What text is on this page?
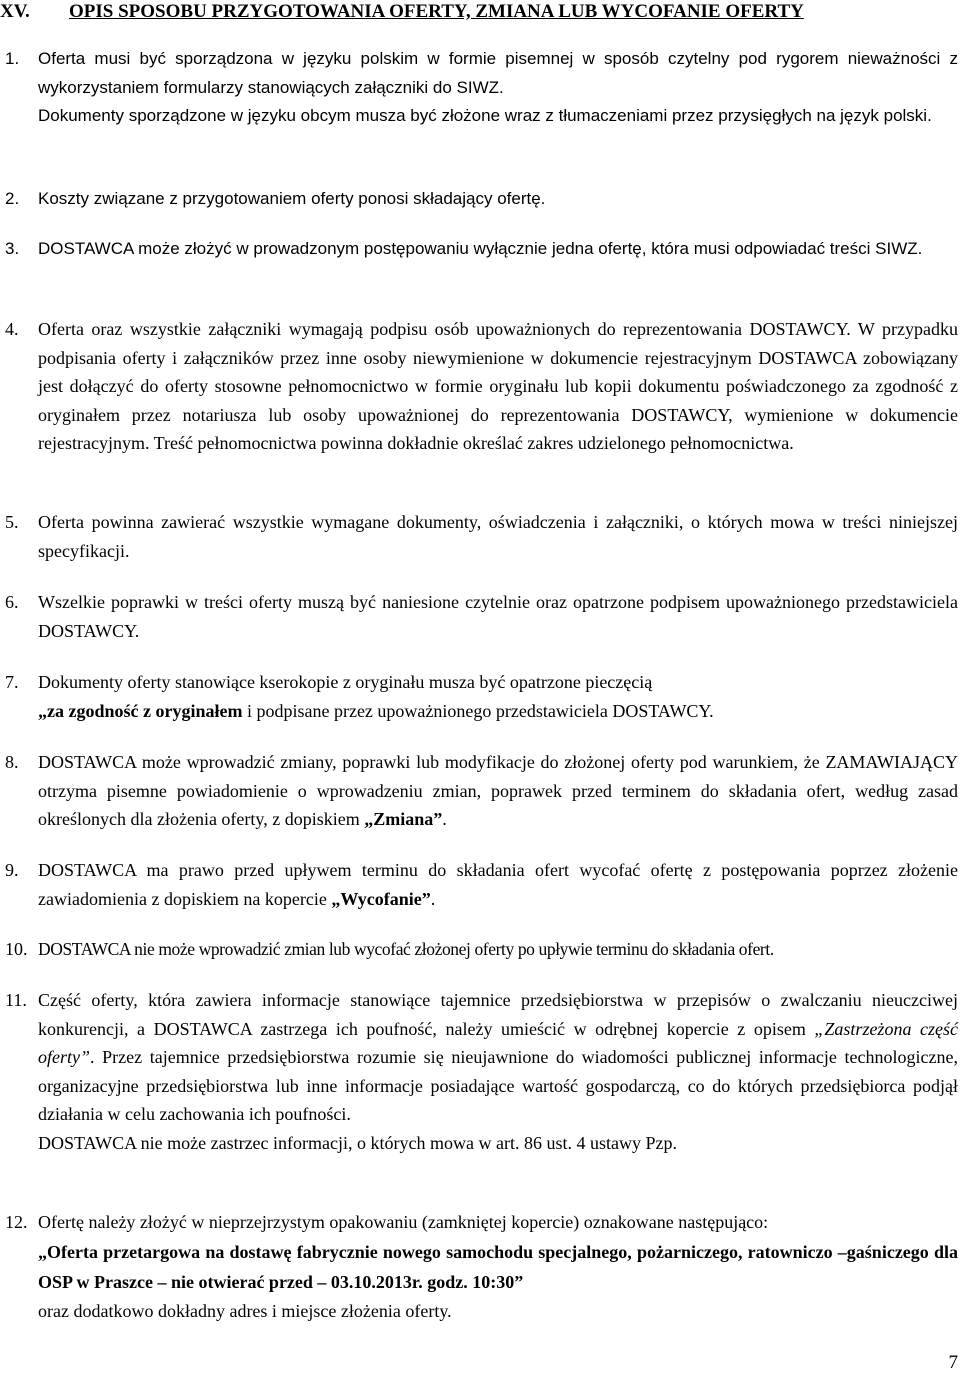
XV. OPIS SPOSOBU PRZYGOTOWANIA OFERTY, ZMIANA LUB WYCOFANIE OFERTY
1. Oferta musi być sporządzona w języku polskim w formie pisemnej w sposób czytelny pod rygorem nieważności z wykorzystaniem formularzy stanowiących załączniki do SIWZ.

Dokumenty sporządzone w języku obcym musza być złożone wraz z tłumaczeniami przez przysięgłych na język polski.

2. Koszty związane z przygotowaniem oferty ponosi składający ofertę.

3. DOSTAWCA może złożyć w prowadzonym postępowaniu wyłącznie jedna ofertę, która musi odpowiadać treści SIWZ.

4. Oferta oraz wszystkie załączniki wymagają podpisu osób upoważnionych do reprezentowania DOSTAWCY. W przypadku podpisania oferty i załączników przez inne osoby niewymienione w dokumencie rejestracyjnym DOSTAWCA zobowiązany jest dołączyć do oferty stosowne pełnomocnictwo w formie oryginału lub kopii dokumentu poświadczonego za zgodność z oryginałem przez notariusza lub osoby upoważnionej do reprezentowania DOSTAWCY, wymienione w dokumencie rejestracyjnym. Treść pełnomocnictwa powinna dokładnie określać zakres udzielonego pełnomocnictwa.

5. Oferta powinna zawierać wszystkie wymagane dokumenty, oświadczenia i załączniki, o których mowa w treści niniejszej specyfikacji.

6. Wszelkie poprawki w treści oferty muszą być naniesione czytelnie oraz opatrzone podpisem upoważnionego przedstawiciela DOSTAWCY.

7. Dokumenty oferty stanowiące kserokopie z oryginału musza być opatrzone pieczęcią
„za zgodność z oryginałem i podpisane przez upoważnionego przedstawiciela DOSTAWCY.

8. DOSTAWCA może wprowadzić zmiany, poprawki lub modyfikacje do złożonej oferty pod warunkiem, że ZAMAWIAJĄCY otrzyma pisemne powiadomienie o wprowadzeniu zmian, poprawek przed terminem do składania ofert, według zasad określonych dla złożenia oferty, z dopiskiem „Zmiana”.

9. DOSTAWCA ma prawo przed upływem terminu do składania ofert wycofać ofertę z postępowania poprzez złożenie zawiadomienia z dopiskiem na kopercie „Wycofanie”.

10. DOSTAWCA nie może wprowadzić zmian lub wycofać złożonej oferty po upływie terminu do składania ofert.

11. Część oferty, która zawiera informacje stanowiące tajemnice przedsiębiorstwa w przepisów o zwalczaniu nieuczciwej konkurencji, a DOSTAWCA zastrzega ich poufność, należy umieścić w odrębnej kopercie z opisem „Zastrzeżona część oferty”. Przez tajemnice przedsiębiorstwa rozumie się nieujawnione do wiadomości publicznej informacje technologiczne, organizacyjne przedsiębiorstwa lub inne informacje posiadające wartość gospodarczą, co do których przedsiębiorca podjął działania w celu zachowania ich poufności.

DOSTAWCA nie może zastrzec informacji, o których mowa w art. 86 ust. 4 ustawy Pzp.

12. Ofertę należy złożyć w nieprzejrzystym opakowaniu (zamkniętej kopercie) oznakowane następująco:

„Oferta przetargowa na dostawę fabrycznie nowego samochodu specjalnego, pożarniczego, ratowniczo –gaśniczego dla OSP w Praszce – nie otwierać przed – 03.10.2013r. godz. 10:30”

oraz dodatkowo dokładny adres i miejsce złożenia oferty.

7
